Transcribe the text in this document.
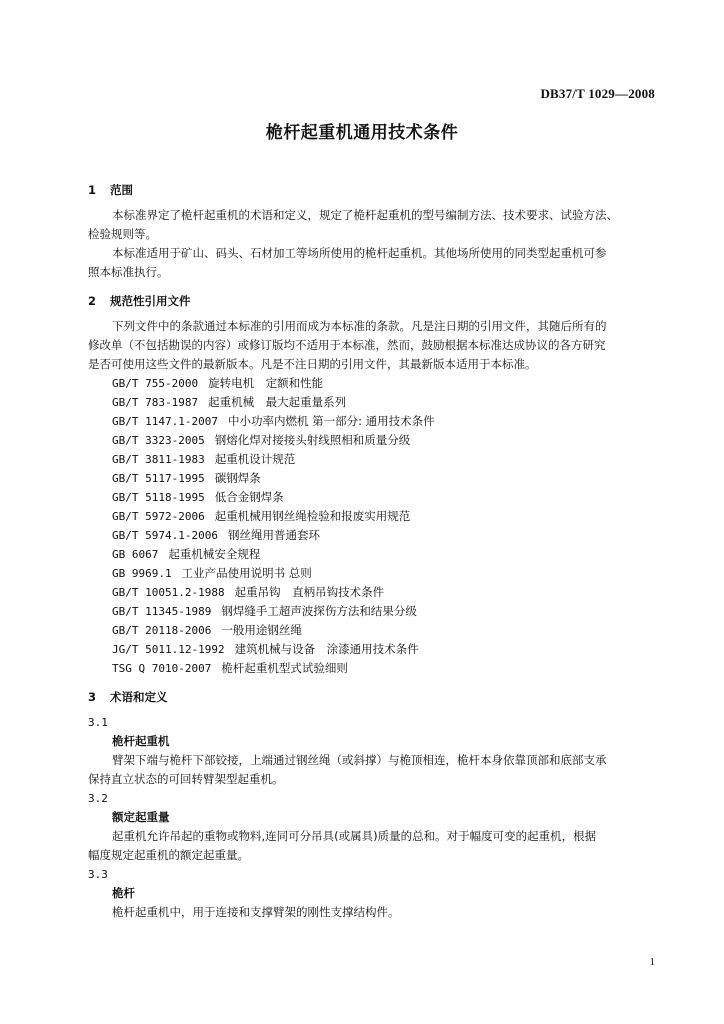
DB37/T 1029—2008
桅杆起重机通用技术条件
1 范围
本标准界定了桅杆起重机的术语和定义，规定了桅杆起重机的型号编制方法、技术要求、试验方法、
检验规则等。
本标准适用于矿山、码头、石材加工等场所使用的桅杆起重机。其他场所使用的同类型起重机可参
照本标准执行。
2 规范性引用文件
下列文件中的条款通过本标准的引用而成为本标准的条款。凡是注日期的引用文件，其随后所有的
修改单（不包括勘误的内容）或修订版均不适用于本标准，然而，鼓励根据本标准达成协议的各方研究
是否可使用这些文件的最新版本。凡是不注日期的引用文件，其最新版本适用于本标准。
GB/T 755-2000 旋转电机　定额和性能
GB/T 783-1987 起重机械　最大起重量系列
GB/T 1147.1-2007 中小功率内燃机 第一部分: 通用技术条件
GB/T 3323-2005 钢熔化焊对接接头射线照相和质量分级
GB/T 3811-1983 起重机设计规范
GB/T 5117-1995 碳钢焊条
GB/T 5118-1995 低合金钢焊条
GB/T 5972-2006 起重机械用钢丝绳检验和报废实用规范
GB/T 5974.1-2006 钢丝绳用普通套环
GB 6067 起重机械安全规程
GB 9969.1 工业产品使用说明书 总则
GB/T 10051.2-1988 起重吊钩　直柄吊钩技术条件
GB/T 11345-1989 钢焊缝手工超声波探伤方法和结果分级
GB/T 20118-2006 一般用途钢丝绳
JG/T 5011.12-1992 建筑机械与设备　涂漆通用技术条件
TSG Q 7010-2007 桅杆起重机型式试验细则
3 术语和定义
3.1
桅杆起重机
臂架下端与桅杆下部铰接，上端通过钢丝绳（或斜撑）与桅顶相连，桅杆本身依靠顶部和底部支承
保持直立状态的可回转臂架型起重机。
3.2
额定起重量
起重机允许吊起的重物或物料,连同可分吊具(或属具)质量的总和。对于幅度可变的起重机，根据
幅度规定起重机的额定起重量。
3.3
桅杆
桅杆起重机中，用于连接和支撑臂架的刚性支撑结构件。
1
